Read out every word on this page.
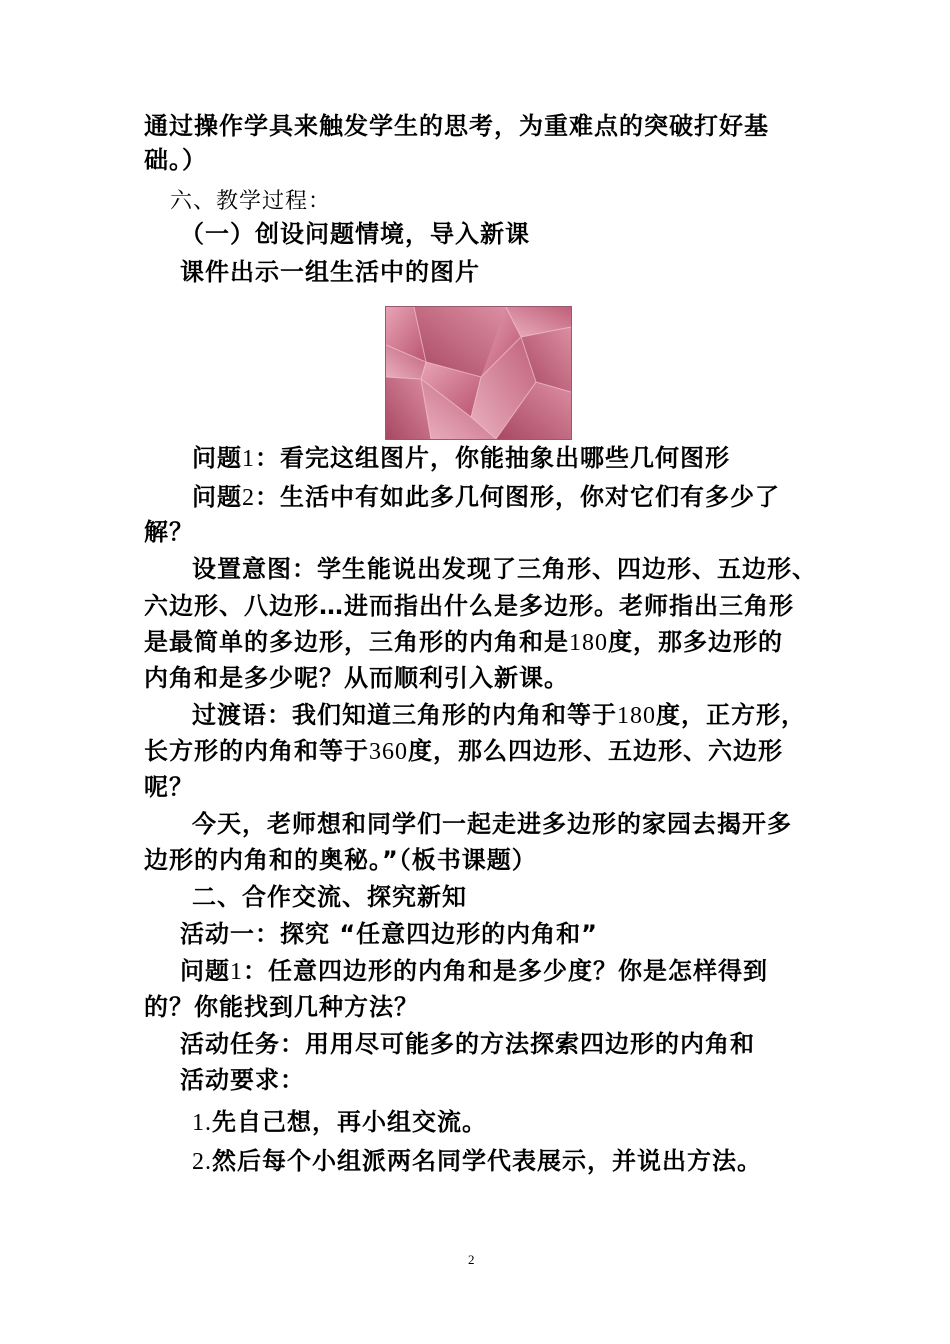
通过操作学具来触发学生的思考，为重难点的突破打好基
础。）
六、教学过程：
（一）创设问题情境，导入新课
课件出示一组生活中的图片
问题1：看完这组图片，你能抽象出哪些几何图形
问题2：生活中有如此多几何图形，你对它们有多少了
解？
设置意图：学生能说出发现了三角形、四边形、五边形、
六边形、八边形…进而指出什么是多边形。老师指出三角形
是最简单的多边形，三角形的内角和是180度，那多边形的
内角和是多少呢？从而顺利引入新课。
过渡语：我们知道三角形的内角和等于180度，正方形，
长方形的内角和等于360度，那么四边形、五边形、六边形
呢？
今天，老师想和同学们一起走进多边形的家园去揭开多
边形的内角和的奥秘。”（板书课题）
二、合作交流、探究新知
活动一：探究 “任意四边形的内角和”
问题1：任意四边形的内角和是多少度？你是怎样得到
的？你能找到几种方法？
活动任务：用用尽可能多的方法探索四边形的内角和
活动要求：
1.先自己想，再小组交流。
2.然后每个小组派两名同学代表展示，并说出方法。
2
